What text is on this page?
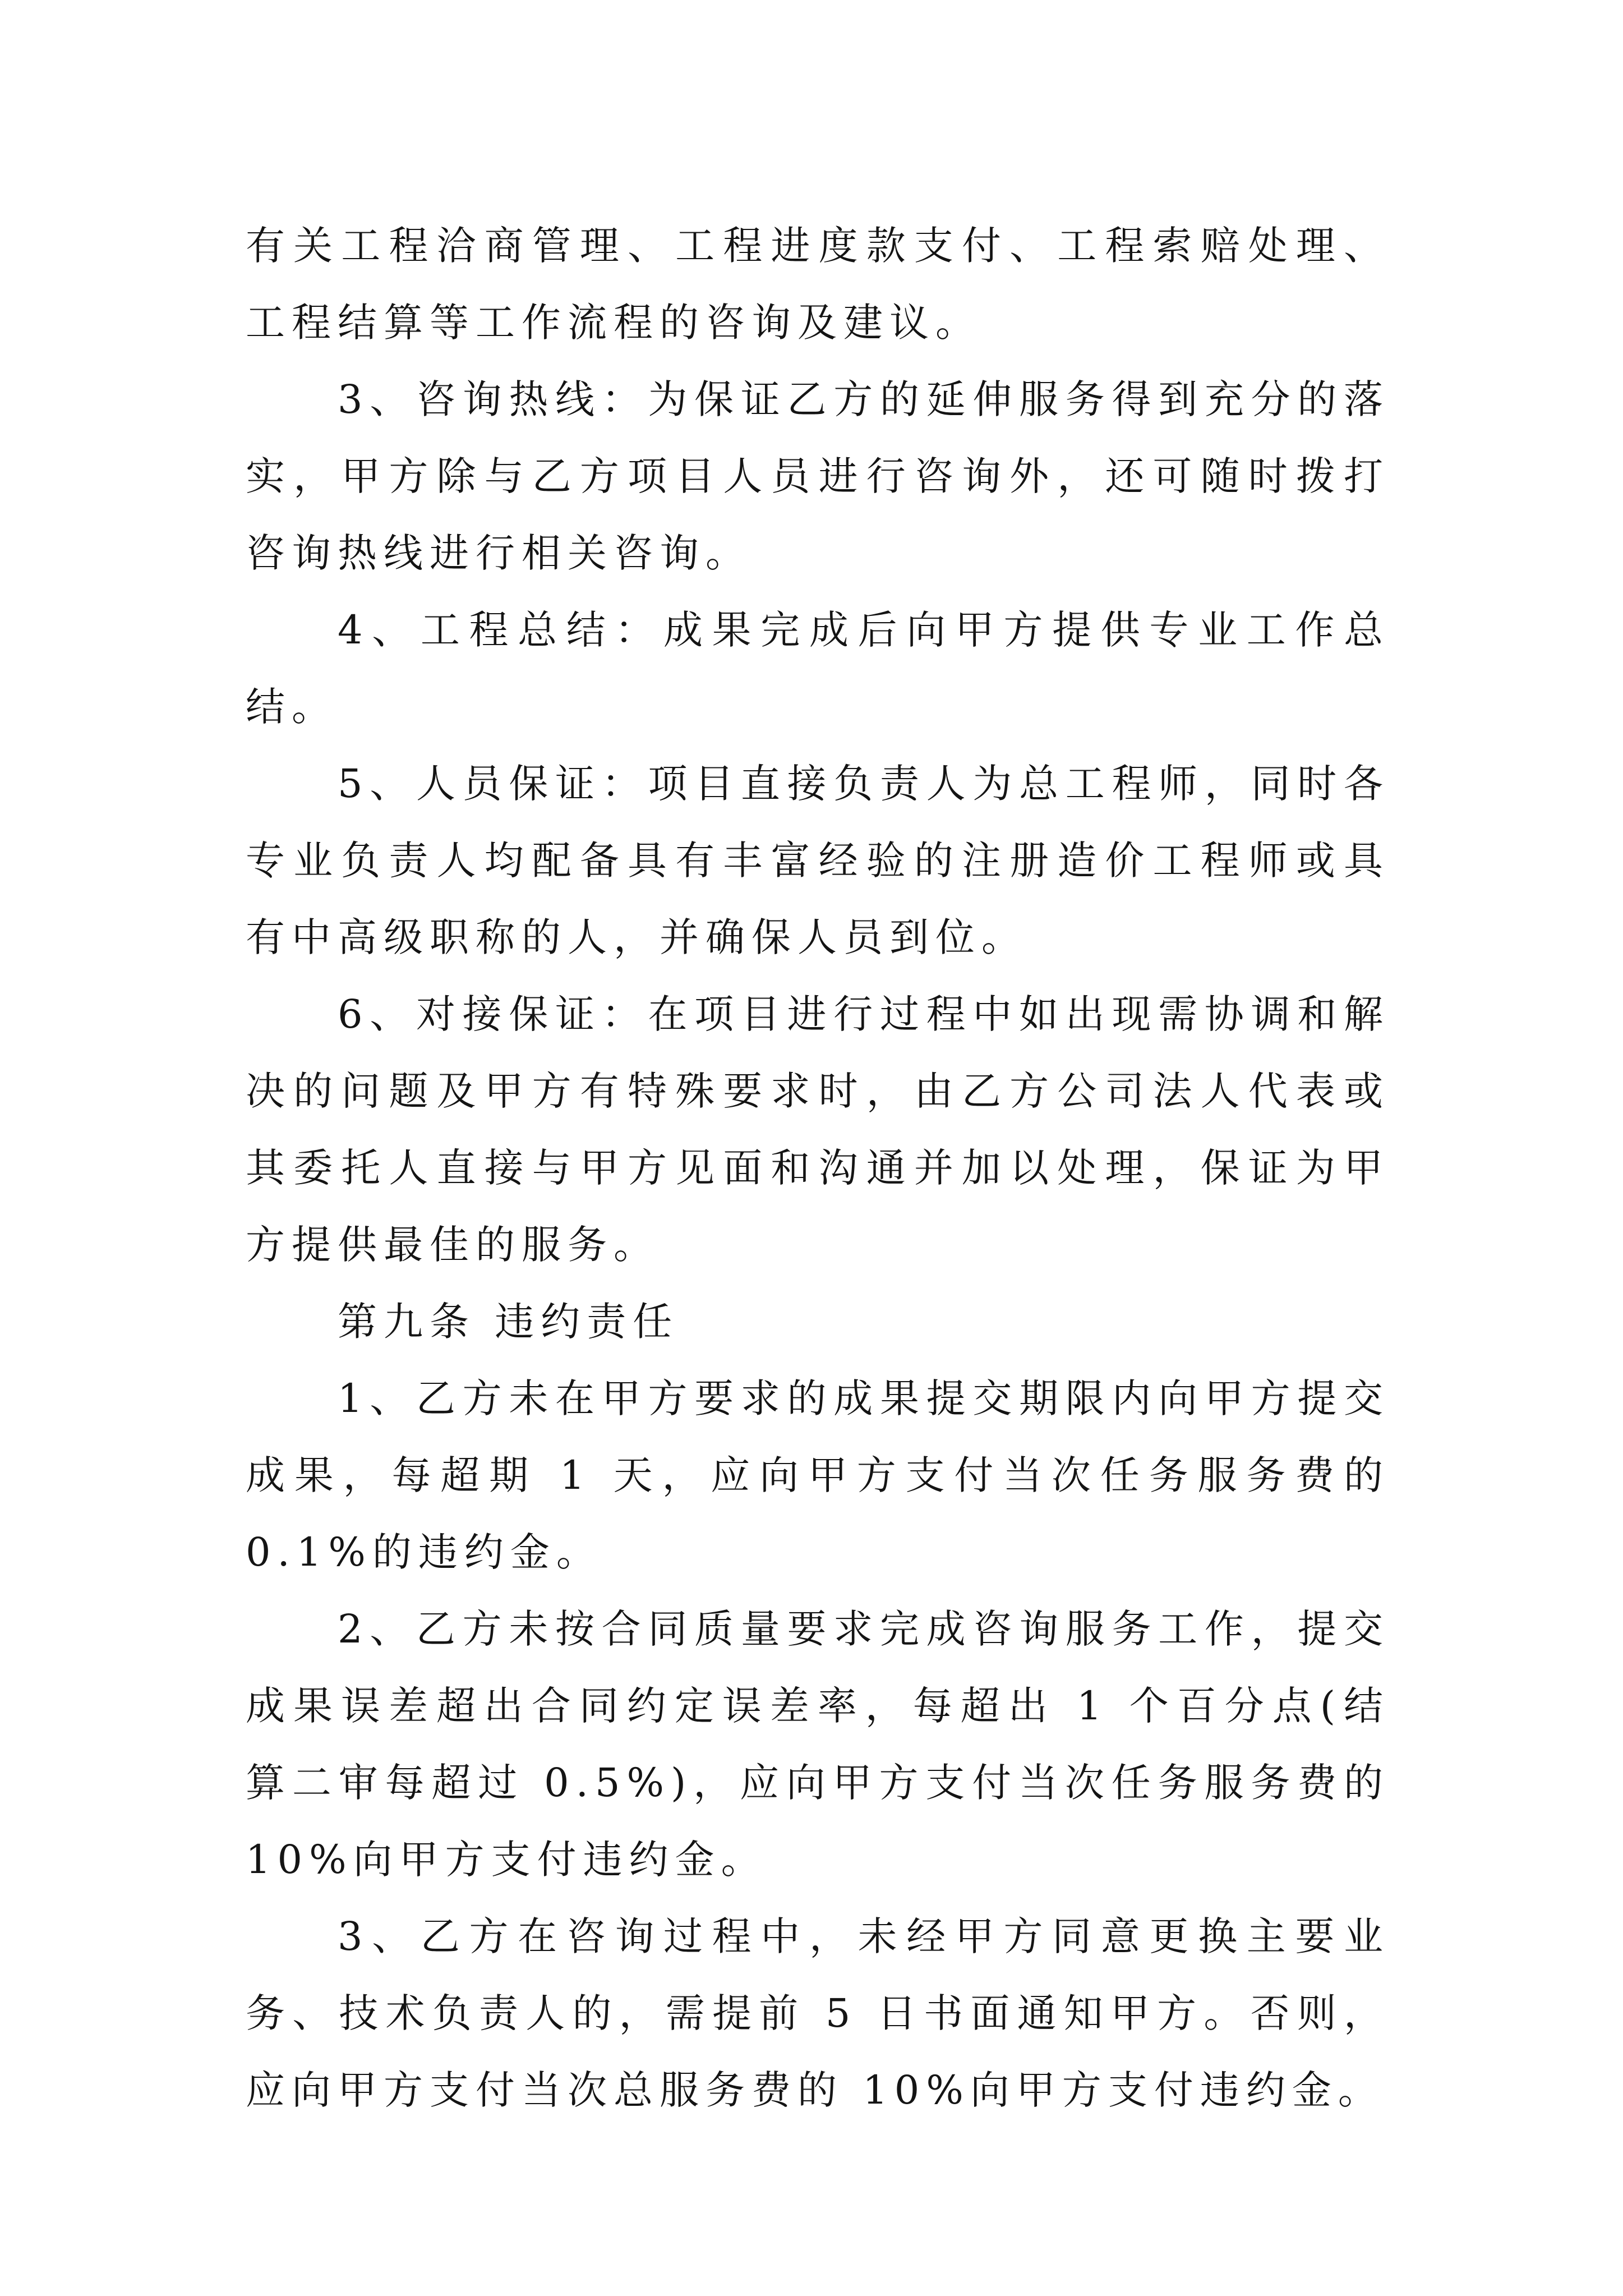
有关工程洽商管理、工程进度款支付、工程索赔处理、工程结算等工作流程的咨询及建议。

3、咨询热线：为保证乙方的延伸服务得到充分的落实，甲方除与乙方项目人员进行咨询外，还可随时拨打咨询热线进行相关咨询。

4、工程总结：成果完成后向甲方提供专业工作总结。

5、人员保证：项目直接负责人为总工程师，同时各专业负责人均配备具有丰富经验的注册造价工程师或具有中高级职称的人，并确保人员到位。

6、对接保证：在项目进行过程中如出现需协调和解决的问题及甲方有特殊要求时，由乙方公司法人代表或其委托人直接与甲方见面和沟通并加以处理，保证为甲方提供最佳的服务。

第九条 违约责任

1、乙方未在甲方要求的成果提交期限内向甲方提交成果，每超期 1 天，应向甲方支付当次任务服务费的 0.1%的违约金。

2、乙方未按合同质量要求完成咨询服务工作，提交成果误差超出合同约定误差率，每超出 1 个百分点(结算二审每超过 0.5%)，应向甲方支付当次任务服务费的 10%向甲方支付违约金。

3、乙方在咨询过程中，未经甲方同意更换主要业务、技术负责人的，需提前 5 日书面通知甲方。否则，应向甲方支付当次总服务费的 10%向甲方支付违约金。
